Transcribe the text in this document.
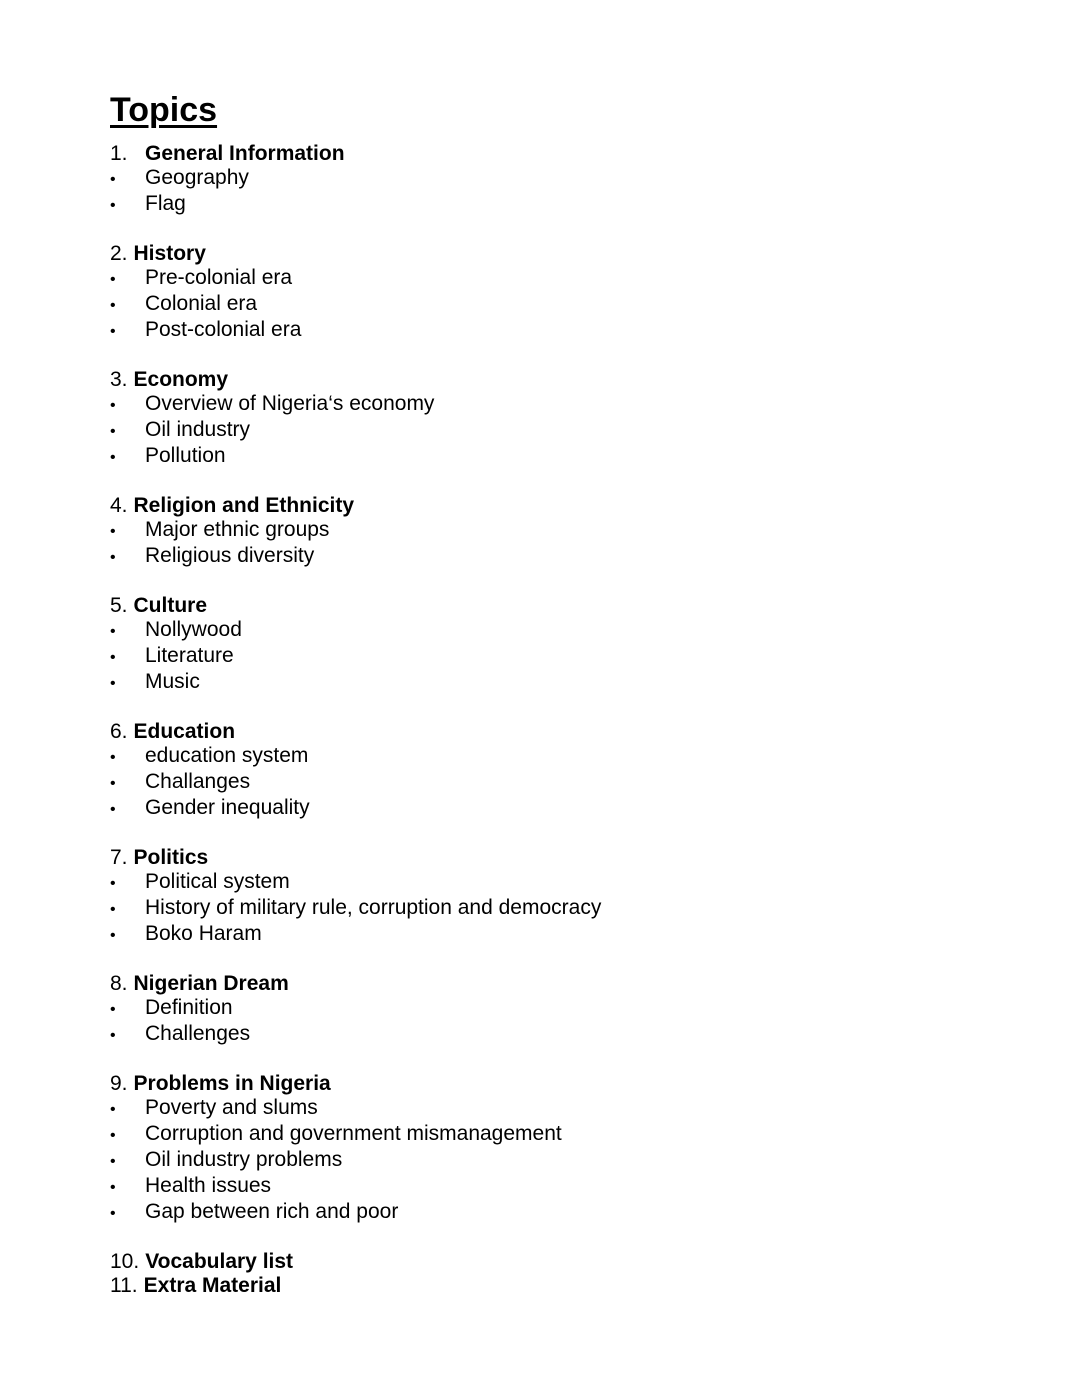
Topics
1. General Information
•	Geography
•	Flag
2. History
•	Pre-colonial era
•	Colonial era
•	Post-colonial era
3. Economy
•	Overview of Nigeria‘s economy
•	Oil industry
•	Pollution
4. Religion and Ethnicity
•	Major ethnic groups
•	Religious diversity
5. Culture
•	Nollywood
•	Literature
•	Music
6. Education
•	education system
•	Challanges
•	Gender inequality
7. Politics
•	Political system
•	History of military rule, corruption and democracy
•	Boko Haram
8. Nigerian Dream
•	Definition
•	Challenges
9. Problems in Nigeria
•	Poverty and slums
•	Corruption and government mismanagement
•	Oil industry problems
•	Health issues
•	Gap between rich and poor
10. Vocabulary list
11. Extra Material
